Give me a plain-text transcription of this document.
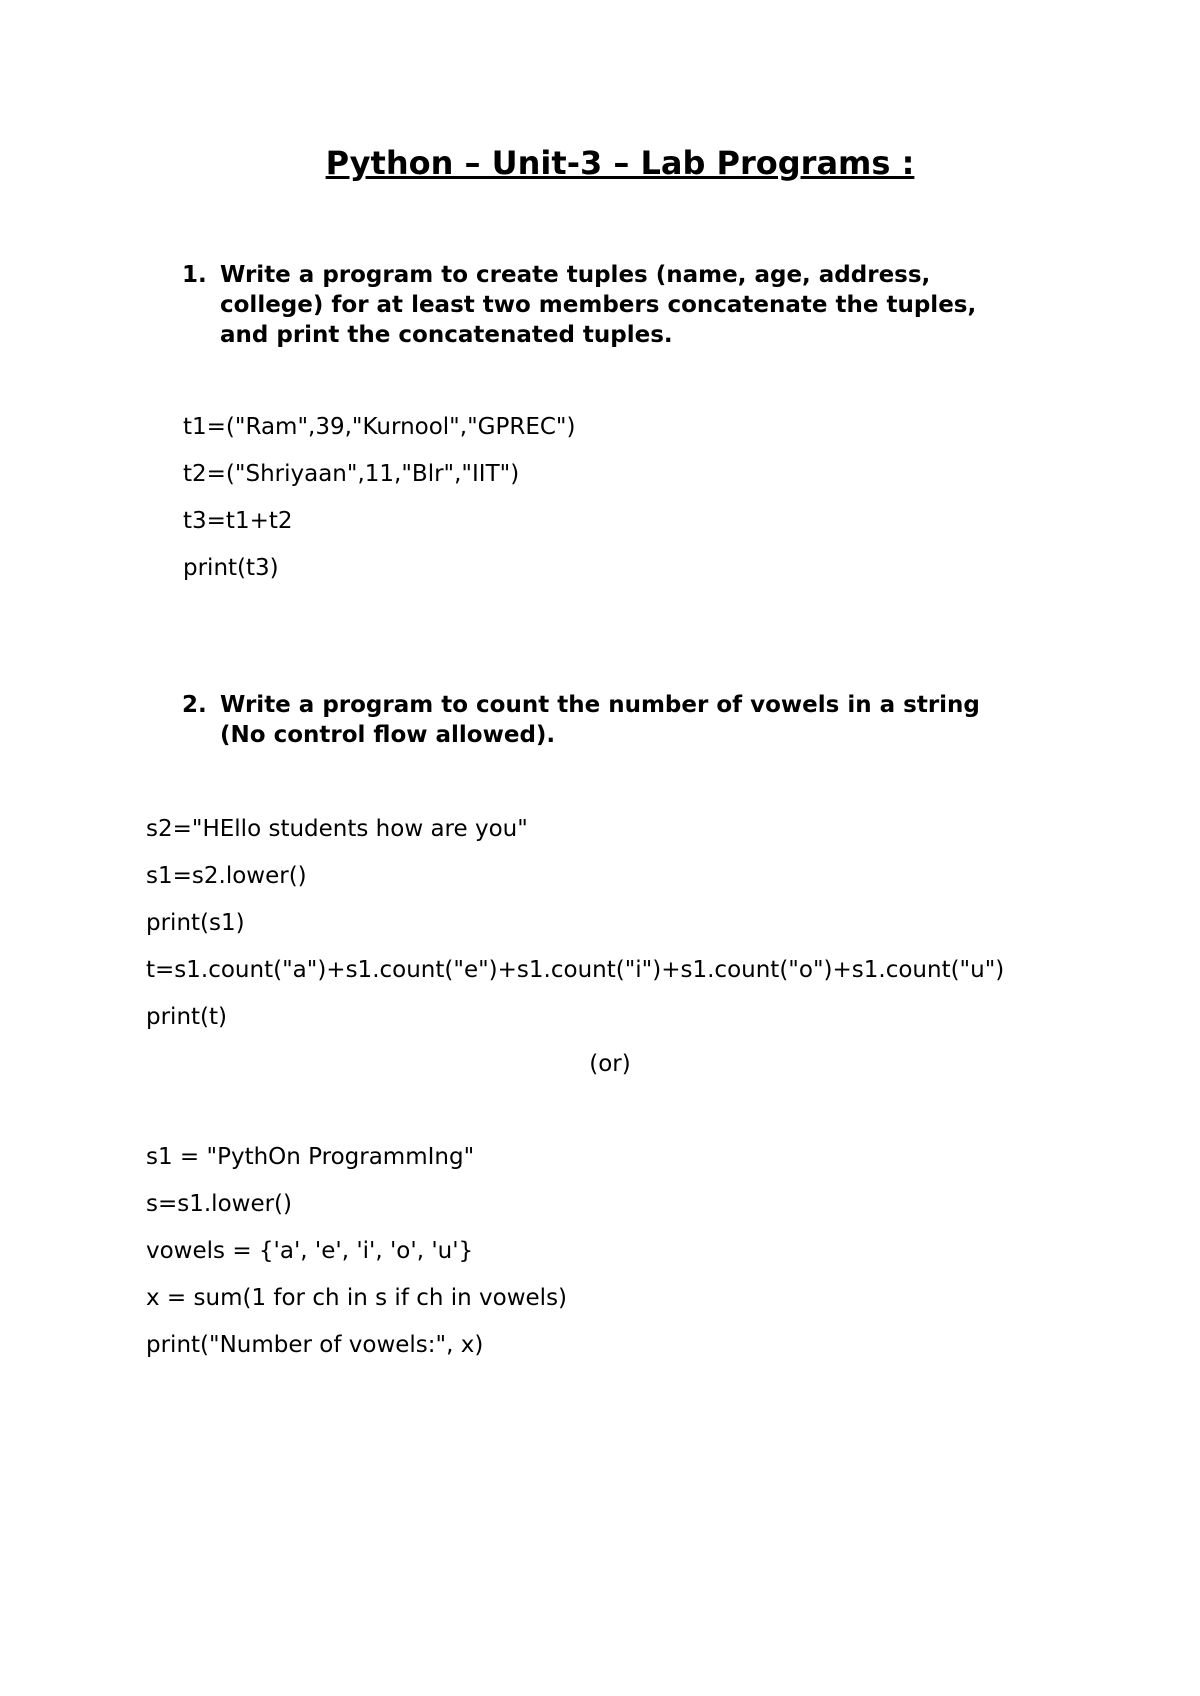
Python – Unit-3 – Lab Programs :
1. Write a program to create tuples (name, age, address,
college) for at least two members concatenate the tuples,
and print the concatenated tuples.
t1=("Ram",39,"Kurnool","GPREC")
t2=("Shriyaan",11,"Blr","IIT")
t3=t1+t2
print(t3)
2. Write a program to count the number of vowels in a string
(No control flow allowed).
s2="HEllo students how are you"
s1=s2.lower()
print(s1)
t=s1.count("a")+s1.count("e")+s1.count("i")+s1.count("o")+s1.count("u")
print(t)
(or)
s1 = "PythOn ProgrammIng"
s=s1.lower()
vowels = {'a', 'e', 'i', 'o', 'u'}
x = sum(1 for ch in s if ch in vowels)
print("Number of vowels:", x)
